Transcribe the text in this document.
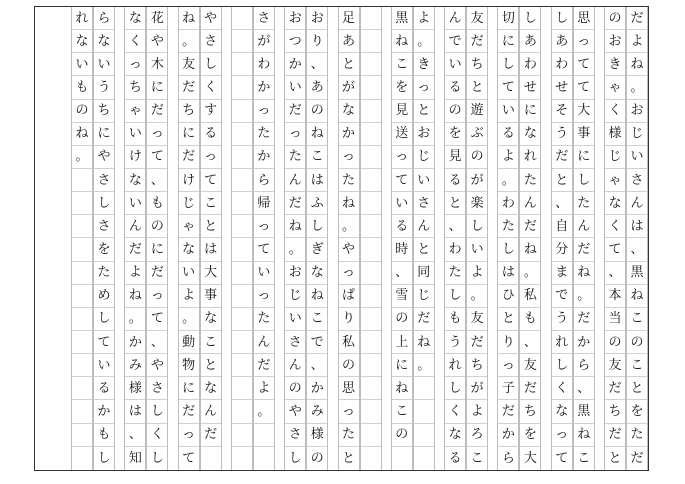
だ
よ
ね
。
お
じ
い
さ
ん
は
、
黒
ね
こ
の
こ
と
を
た
だ
の
お
き
ゃ
く
様
じ
ゃ
な
く
て
、
本
当
の
友
だ
ち
だ
と
思
っ
て
て
大
事
に
し
た
ん
だ
ね
。
だ
か
ら
、
黒
ね
こ
し
あ
わ
せ
そ
う
だ
と
、
自
分
ま
で
う
れ
し
く
な
っ
て
し
あ
わ
せ
に
な
れ
た
ん
だ
ね
。
私
も
、
友
だ
ち
を
大
切
に
し
て
い
る
よ
。
わ
た
し
は
ひ
と
り
っ
子
だ
か
ら
友
だ
ち
と
遊
ぶ
の
が
楽
し
い
よ
。
友
だ
ち
が
よ
ろ
こ
ん
で
い
る
の
を
見
る
と
、
わ
た
し
も
う
れ
し
く
な
る
よ
。
き
っ
と
お
じ
い
さ
ん
と
同
じ
だ
ね
。
黒
ね
こ
を
見
送
っ
て
い
る
時
、
雪
の
上
に
ね
こ
の
足
あ
と
が
な
か
っ
た
ね
。
や
っ
ぱ
り
私
の
思
っ
た
と
お
り
、
あ
の
ね
こ
は
ふ
し
ぎ
な
ね
こ
で
、
か
み
様
の
お
つ
か
い
だ
っ
た
ん
だ
ね
。
お
じ
い
さ
ん
の
や
さ
し
さ
が
わ
か
っ
た
か
ら
帰
っ
て
い
っ
た
ん
だ
よ
。
や
さ
し
く
す
る
っ
て
こ
と
は
大
事
な
こ
と
な
ん
だ
ね
。
友
だ
ち
に
だ
け
じ
ゃ
な
い
よ
。
動
物
に
だ
っ
て
花
や
木
に
だ
っ
て
、
も
の
に
だ
っ
て
、
や
さ
し
く
し
な
く
っ
ち
ゃ
い
け
な
い
ん
だ
よ
ね
。
か
み
様
は
、
知
ら
な
い
う
ち
に
や
さ
し
さ
を
た
め
し
て
い
る
か
も
し
れ
な
い
も
の
ね
。
